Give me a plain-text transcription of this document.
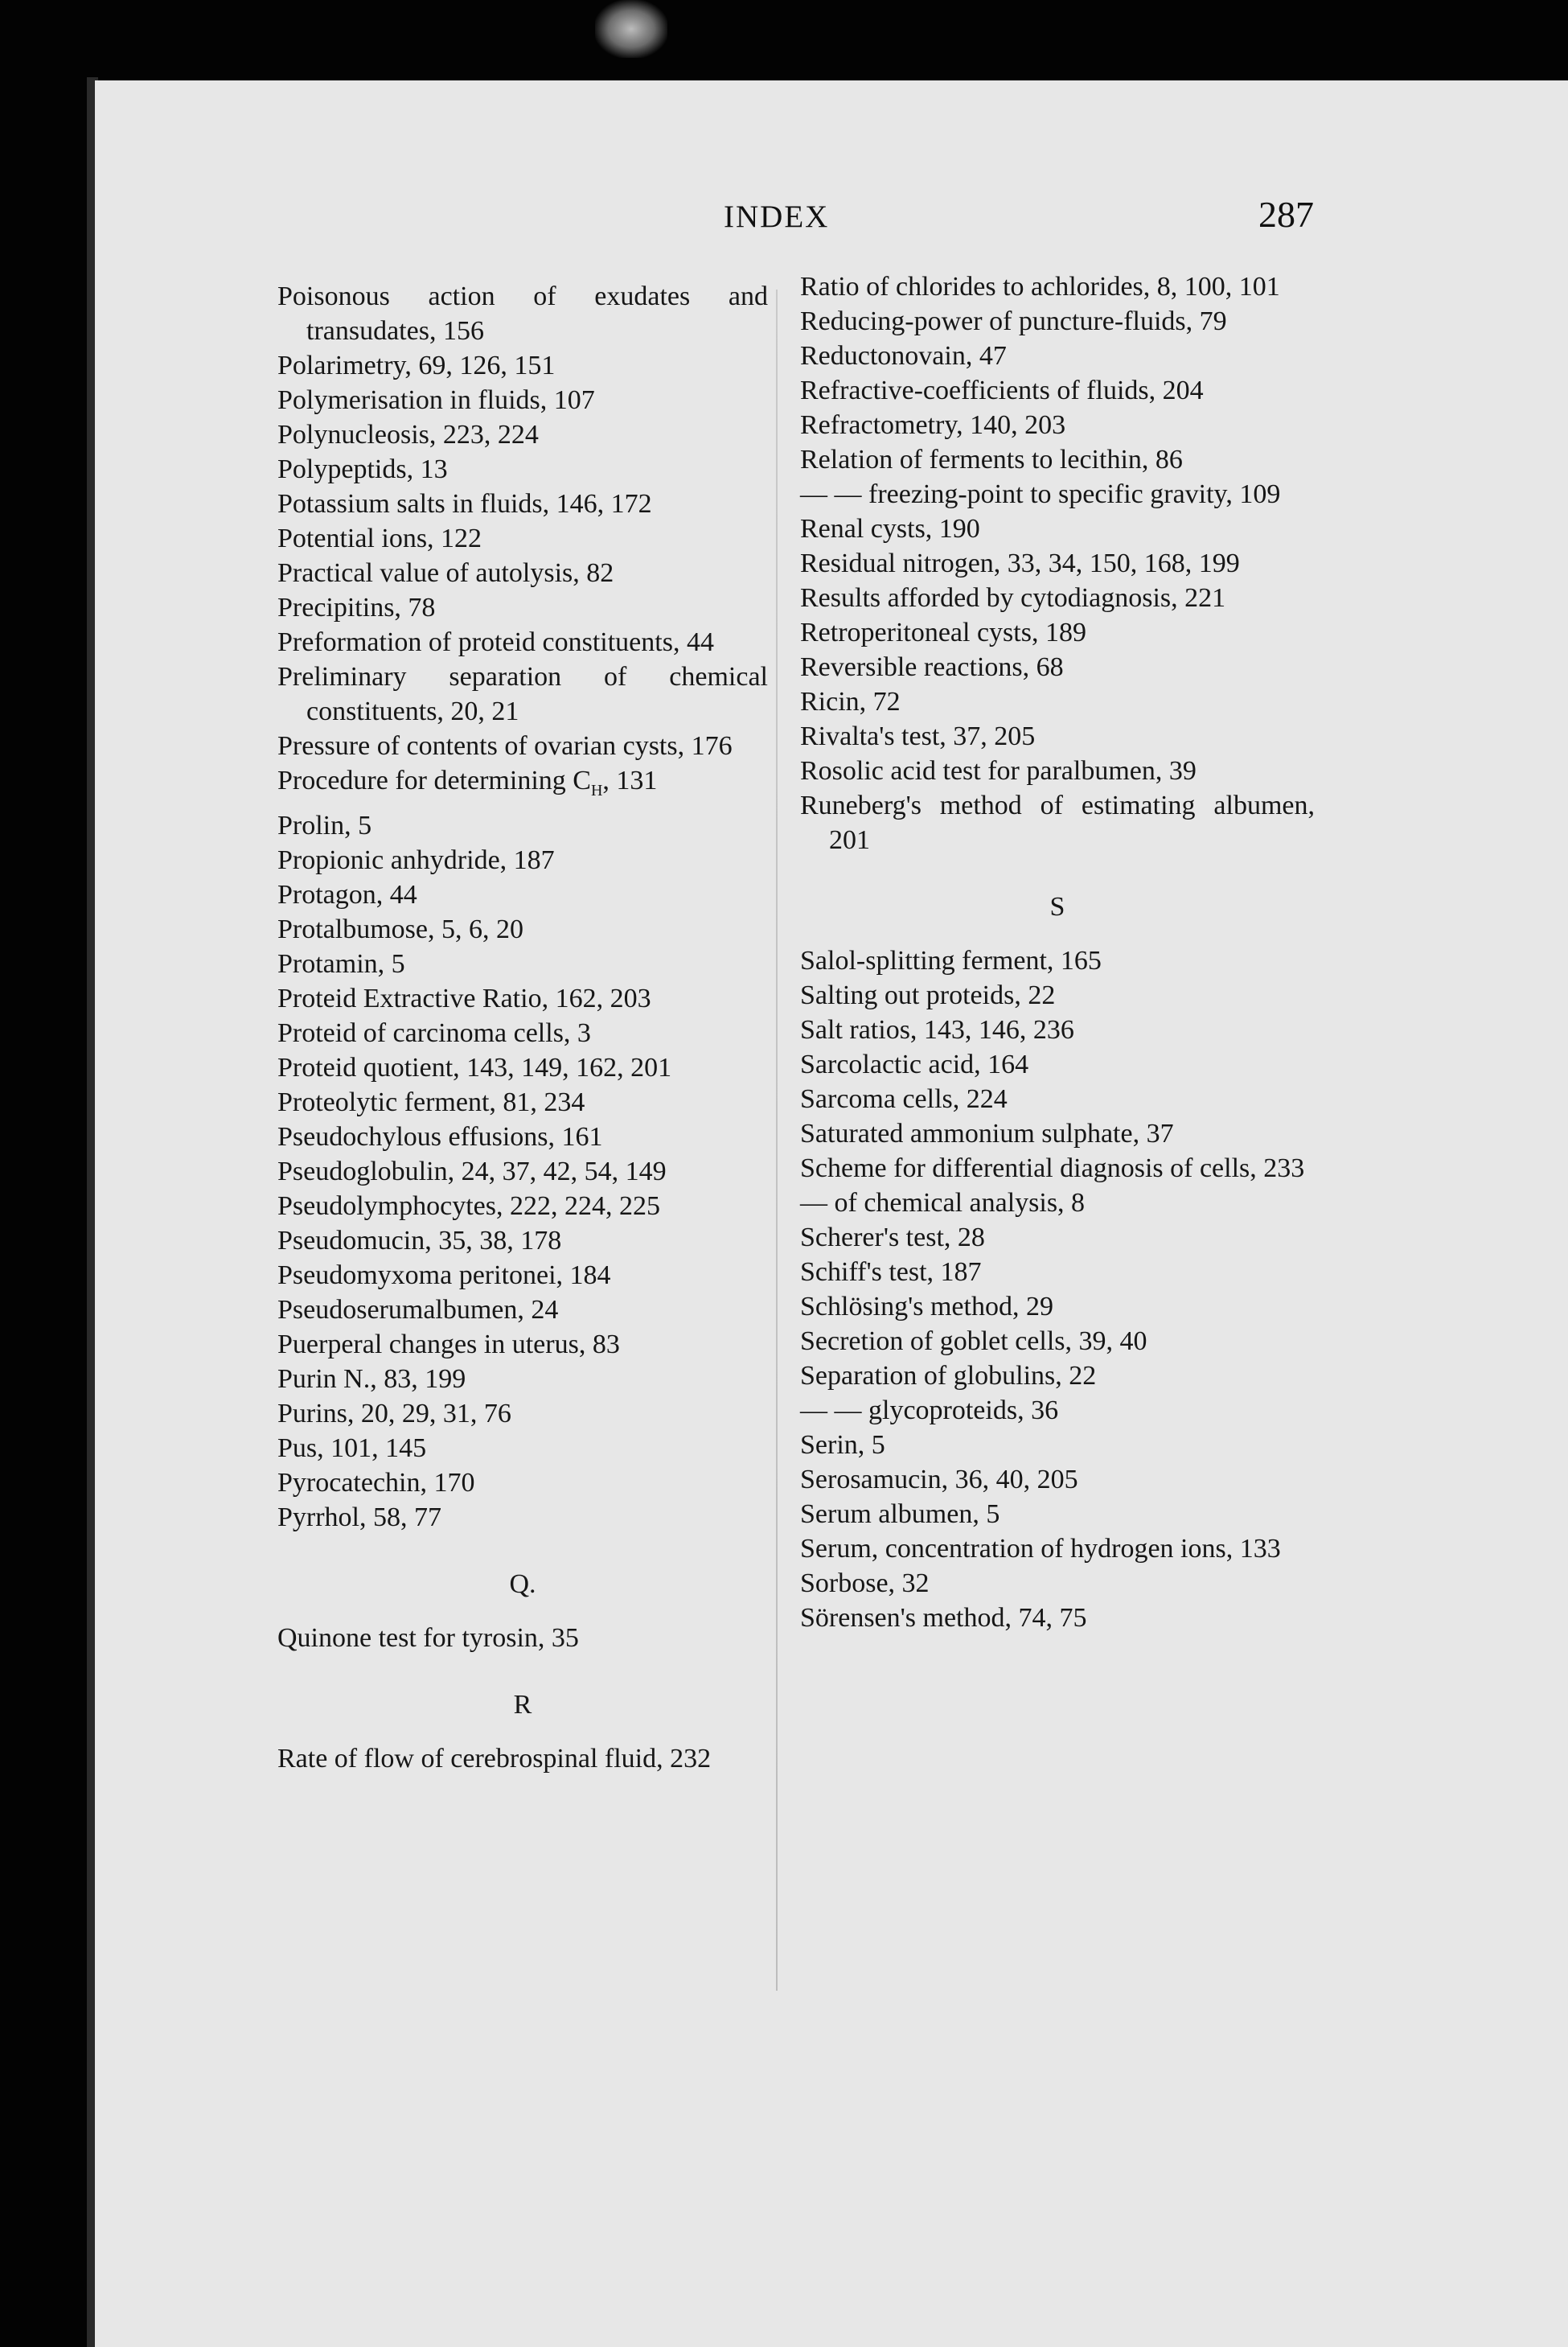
INDEX	287
Poisonous action of exudates and transudates, 156
Polarimetry, 69, 126, 151
Polymerisation in fluids, 107
Polynucleosis, 223, 224
Polypeptids, 13
Potassium salts in fluids, 146, 172
Potential ions, 122
Practical value of autolysis, 82
Precipitins, 78
Preformation of proteid constituents, 44
Preliminary separation of chemical constituents, 20, 21
Pressure of contents of ovarian cysts, 176
Procedure for determining $C_H$, 131
Prolin, 5
Propionic anhydride, 187
Protagon, 44
Protalbumose, 5, 6, 20
Protamin, 5
Proteid Extractive Ratio, 162, 203
Proteid of carcinoma cells, 3
Proteid quotient, 143, 149, 162, 201
Proteolytic ferment, 81, 234
Pseudochylous effusions, 161
Pseudoglobulin, 24, 37, 42, 54, 149
Pseudolymphocytes, 222, 224, 225
Pseudomucin, 35, 38, 178
Pseudomyxoma peritonei, 184
Pseudoserumalbumen, 24
Puerperal changes in uterus, 83
Purin N., 83, 199
Purins, 20, 29, 31, 76
Pus, 101, 145
Pyrocatechin, 170
Pyrrhol, 58, 77
Q.
Quinone test for tyrosin, 35
R
Rate of flow of cerebrospinal fluid, 232
Ratio of chlorides to achlorides, 8, 100, 101
Reducing-power of puncture-fluids, 79
Reductonovain, 47
Refractive-coefficients of fluids, 204
Refractometry, 140, 203
Relation of ferments to lecithin, 86
— — freezing-point to specific gravity, 109
Renal cysts, 190
Residual nitrogen, 33, 34, 150, 168, 199
Results afforded by cytodiagnosis, 221
Retroperitoneal cysts, 189
Reversible reactions, 68
Ricin, 72
Rivalta's test, 37, 205
Rosolic acid test for paralbumen, 39
Runeberg's method of estimating albumen, 201
S
Salol-splitting ferment, 165
Salting out proteids, 22
Salt ratios, 143, 146, 236
Sarcolactic acid, 164
Sarcoma cells, 224
Saturated ammonium sulphate, 37
Scheme for differential diagnosis of cells, 233
— of chemical analysis, 8
Scherer's test, 28
Schiff's test, 187
Schlösing's method, 29
Secretion of goblet cells, 39, 40
Separation of globulins, 22
— — glycoproteids, 36
Serin, 5
Serosamucin, 36, 40, 205
Serum albumen, 5
Serum, concentration of hydrogen ions, 133
Sorbose, 32
Sörensen's method, 74, 75
